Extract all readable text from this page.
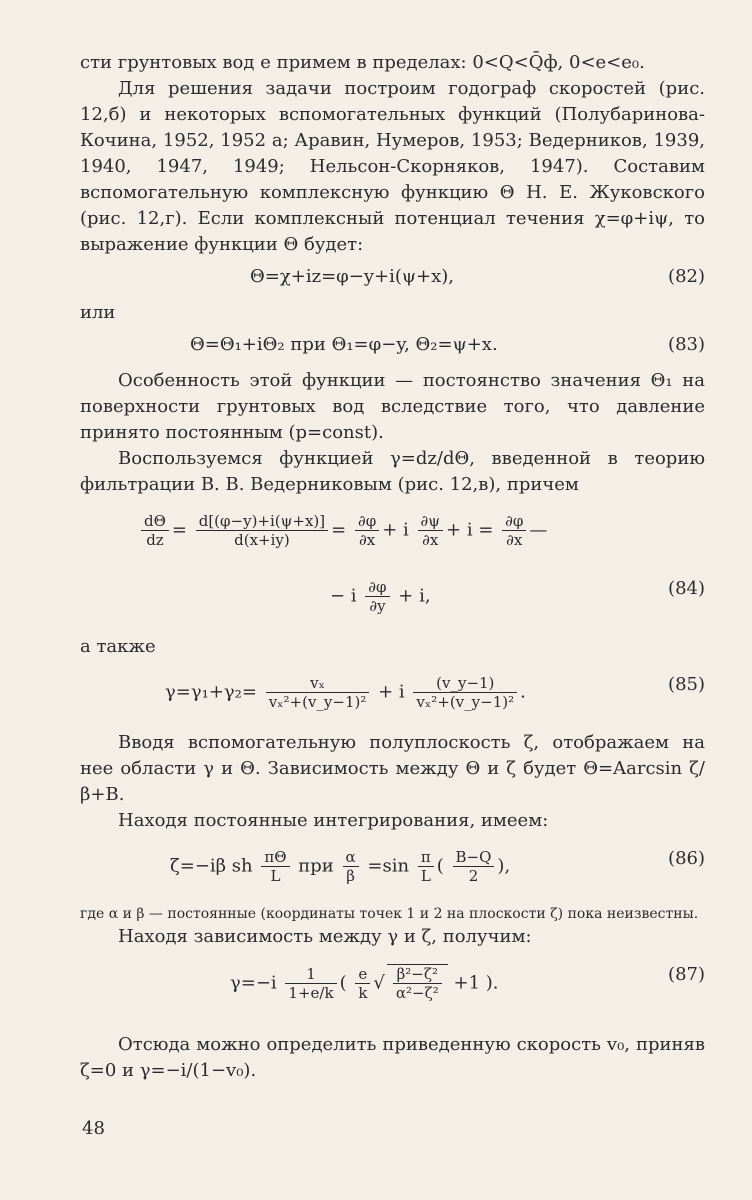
сти грунтовых вод e примем в пределах: 0<Q<Q̄ф, 0<e<e₀.

Для решения задачи построим годограф скоростей (рис. 12,б) и некоторых вспомогательных функций (Полубаринова-Кочина, 1952, 1952 а; Аравин, Нумеров, 1953; Ведерников, 1939, 1940, 1947, 1949; Нельсон-Скорняков, 1947). Составим вспомогательную комплексную функцию Θ Н. Е. Жуковского (рис. 12,г). Если комплексный потенциал течения χ=φ+iψ, то выражение функции Θ будет:

Θ=χ+iz=φ−y+i(ψ+x),	(82)

или

Θ=Θ₁+iΘ₂ при Θ₁=φ−y, Θ₂=ψ+x.	(83)

Особенность этой функции — постоянство значения Θ₁ на поверхности грунтовых вод вследствие того, что давление принято постоянным (p=const).

Воспользуемся функцией γ=dz/dΘ, введенной в теорию фильтрации В. В. Ведерниковым (рис. 12,в), причем

$\frac{d\Theta}{dz} = \frac{d[(\varphi-y)+i(\psi+x)]}{d(x+iy)} = \frac{\partial\varphi}{\partial x} + i \frac{\partial\psi}{\partial x} + i = \frac{\partial\varphi}{\partial x}$ —
− i $\frac{\partial\varphi}{\partial y} + i$,	(84)

а также

$\gamma=\gamma_1+\gamma_2= \frac{\text{vₓ}}{\text{vₓ²+(v\_y−1)²}} + i \frac{(v\_y-1)}{\text{vₓ²+(v\_y−1)²}}$ .	(85)

Вводя вспомогательную полуплоскость ζ, отображаем на нее области γ и Θ. Зависимость между Θ и ζ будет Θ=Aarcsin ζ/β+B.

Находя постоянные интегрирования, имеем:

ζ=−iβ sh $\frac{\pi\Theta}{L}$ при $\frac{\alpha}{\beta} =\sin \frac{\pi}{L}$ ( $\frac{B-Q}{2}$ ),	(86)

где α и β — постоянные (координаты точек 1 и 2 на плоскости ζ) пока неизвестны.

Находя зависимость между γ и ζ, получим:

$\gamma=-i \frac{1}{1+e/k}$ ( $\frac{e}{k}$ √ $\frac{\text{β²−ζ²}}{\text{α²−ζ²}} +1$ ).	(87)

Отсюда можно определить приведенную скорость v₀, приняв ζ=0 и γ=−i/(1−v₀).

48
